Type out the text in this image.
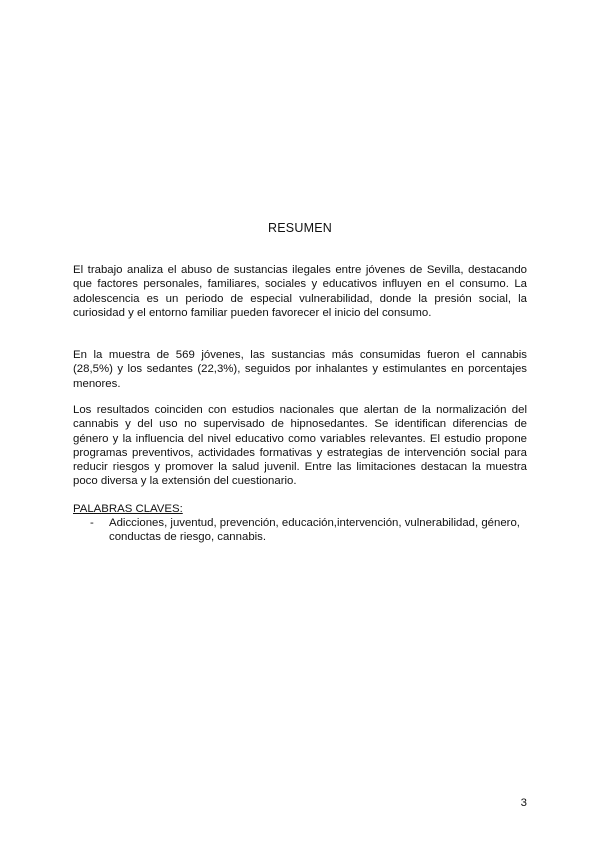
RESUMEN

El trabajo analiza el abuso de sustancias ilegales entre jóvenes de Sevilla, destacando que factores personales, familiares, sociales y educativos influyen en el consumo. La adolescencia es un periodo de especial vulnerabilidad, donde la presión social, la curiosidad y el entorno familiar pueden favorecer el inicio del consumo.

En la muestra de 569 jóvenes, las sustancias más consumidas fueron el cannabis (28,5%) y los sedantes (22,3%), seguidos por inhalantes y estimulantes en porcentajes menores.

Los resultados coinciden con estudios nacionales que alertan de la normalización del cannabis y del uso no supervisado de hipnosedantes. Se identifican diferencias de género y la influencia del nivel educativo como variables relevantes. El estudio propone programas preventivos, actividades formativas y estrategias de intervención social para reducir riesgos y promover la salud juvenil. Entre las limitaciones destacan la muestra poco diversa y la extensión del cuestionario.

PALABRAS CLAVES:
- Adicciones, juventud, prevención, educación,intervención, vulnerabilidad, género, conductas de riesgo, cannabis.
3
